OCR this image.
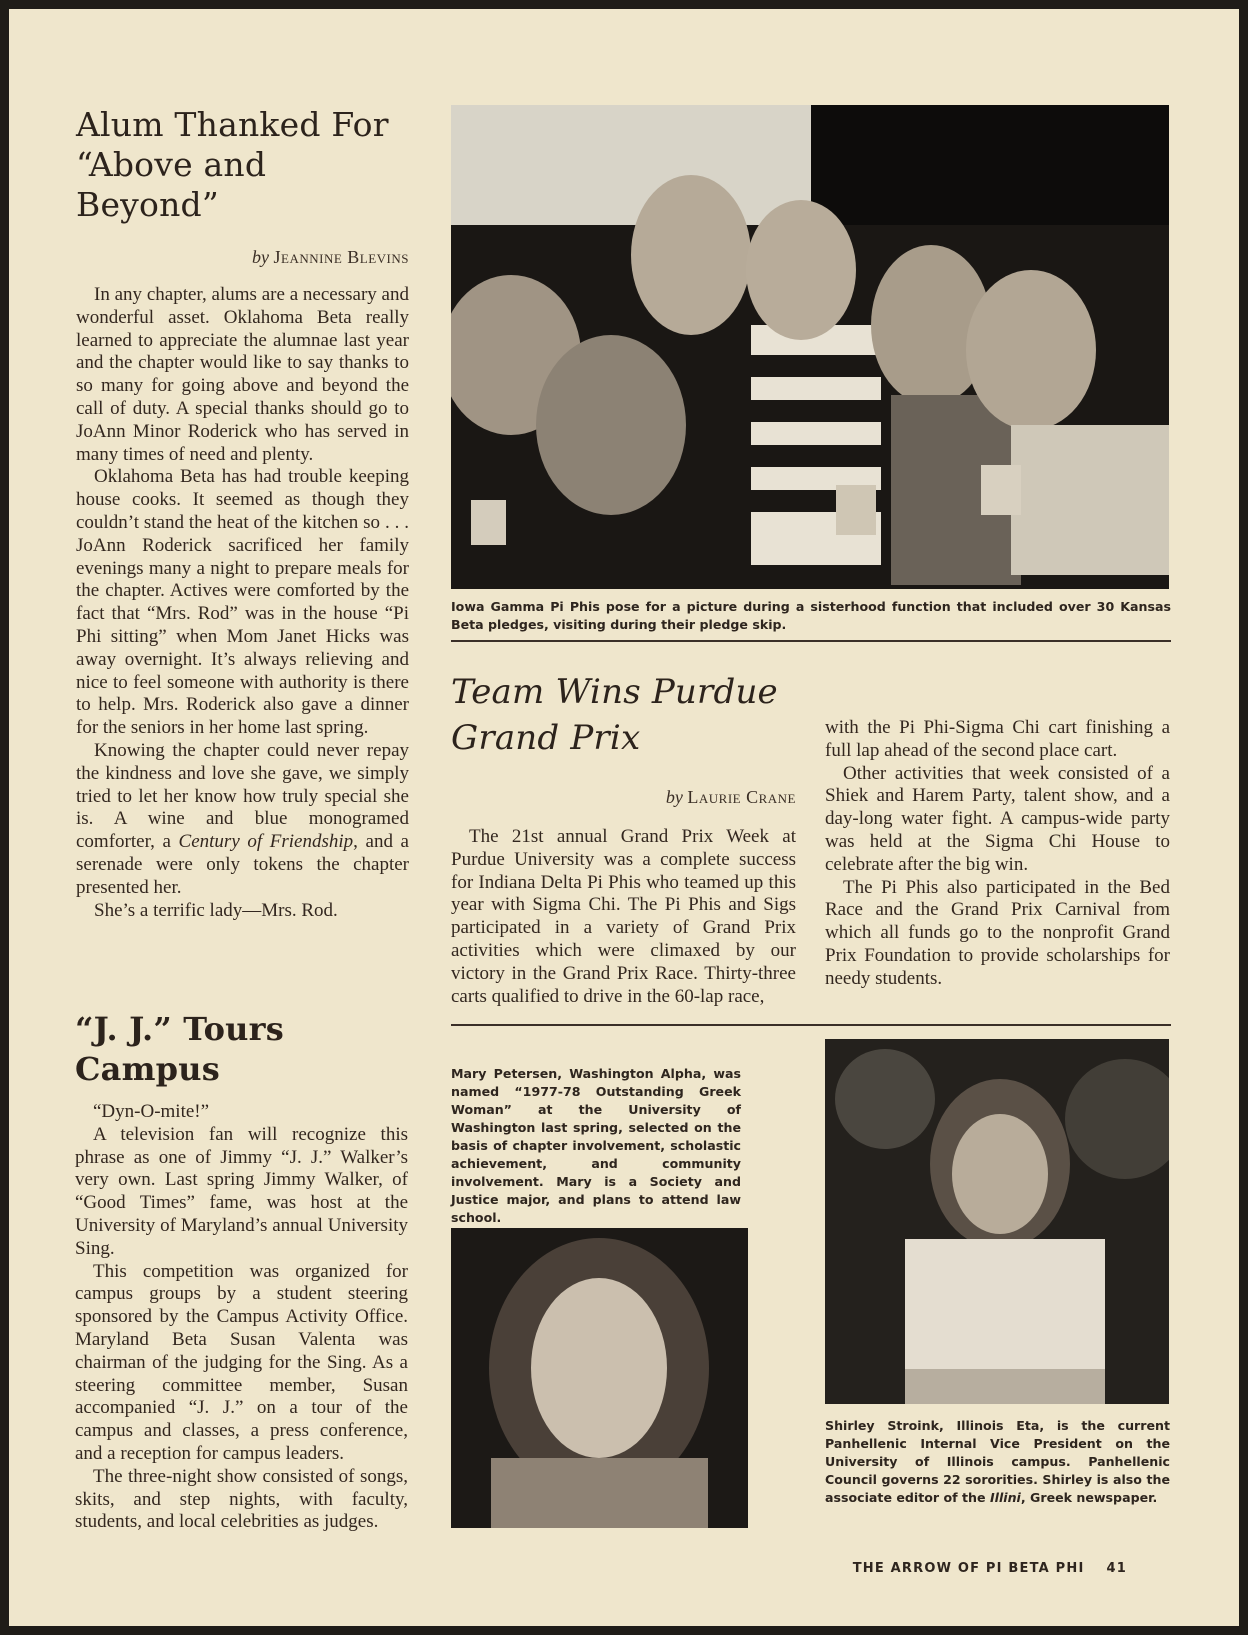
Alum Thanked For
“Above and Beyond”
by Jeannine Blevins

In any chapter, alums are a necessary and wonderful asset. Oklahoma Beta really learned to appreciate the alumnae last year and the chapter would like to say thanks to so many for going above and beyond the call of duty. A special thanks should go to JoAnn Minor Roderick who has served in many times of need and plenty.

Oklahoma Beta has had trouble keeping house cooks. It seemed as though they couldn’t stand the heat of the kitchen so . . . JoAnn Roderick sacrificed her family evenings many a night to prepare meals for the chapter. Actives were comforted by the fact that “Mrs. Rod” was in the house “Pi Phi sitting” when Mom Janet Hicks was away overnight. It’s always relieving and nice to feel someone with authority is there to help. Mrs. Roderick also gave a dinner for the seniors in her home last spring.

Knowing the chapter could never repay the kindness and love she gave, we simply tried to let her know how truly special she is. A wine and blue monogramed comforter, a Century of Friendship, and a serenade were only tokens the chapter presented her.

She’s a terrific lady—Mrs. Rod.

“J. J.” Tours Campus

“Dyn-O-mite!”

A television fan will recognize this phrase as one of Jimmy “J. J.” Walker’s very own. Last spring Jimmy Walker, of “Good Times” fame, was host at the University of Maryland’s annual University Sing.

This competition was organized for campus groups by a student steering sponsored by the Campus Activity Office. Maryland Beta Susan Valenta was chairman of the judging for the Sing. As a steering committee member, Susan accompanied “J. J.” on a tour of the campus and classes, a press conference, and a reception for campus leaders.

The three-night show consisted of songs, skits, and step nights, with faculty, students, and local celebrities as judges.

Iowa Gamma Pi Phis pose for a picture during a sisterhood function that included over 30 Kansas Beta pledges, visiting during their pledge skip.
Team Wins Purdue
Grand Prix
by Laurie Crane

The 21st annual Grand Prix Week at Purdue University was a complete success for Indiana Delta Pi Phis who teamed up this year with Sigma Chi. The Pi Phis and Sigs participated in a variety of Grand Prix activities which were climaxed by our victory in the Grand Prix Race. Thirty-three carts qualified to drive in the 60-lap race,

with the Pi Phi-Sigma Chi cart finishing a full lap ahead of the second place cart.

Other activities that week consisted of a Shiek and Harem Party, talent show, and a day-long water fight. A campus-wide party was held at the Sigma Chi House to celebrate after the big win.

The Pi Phis also participated in the Bed Race and the Grand Prix Carnival from which all funds go to the nonprofit Grand Prix Foundation to provide scholarships for needy students.

Mary Petersen, Washington Alpha, was named “1977-78 Outstanding Greek Woman” at the University of Washington last spring, selected on the basis of chapter involvement, scholastic achievement, and community involvement. Mary is a Society and Justice major, and plans to attend law school.
Shirley Stroink, Illinois Eta, is the current Panhellenic Internal Vice President on the University of Illinois campus. Panhellenic Council governs 22 sororities. Shirley is also the associate editor of the Illini, Greek newspaper.
THE ARROW OF PI BETA PHI 41
